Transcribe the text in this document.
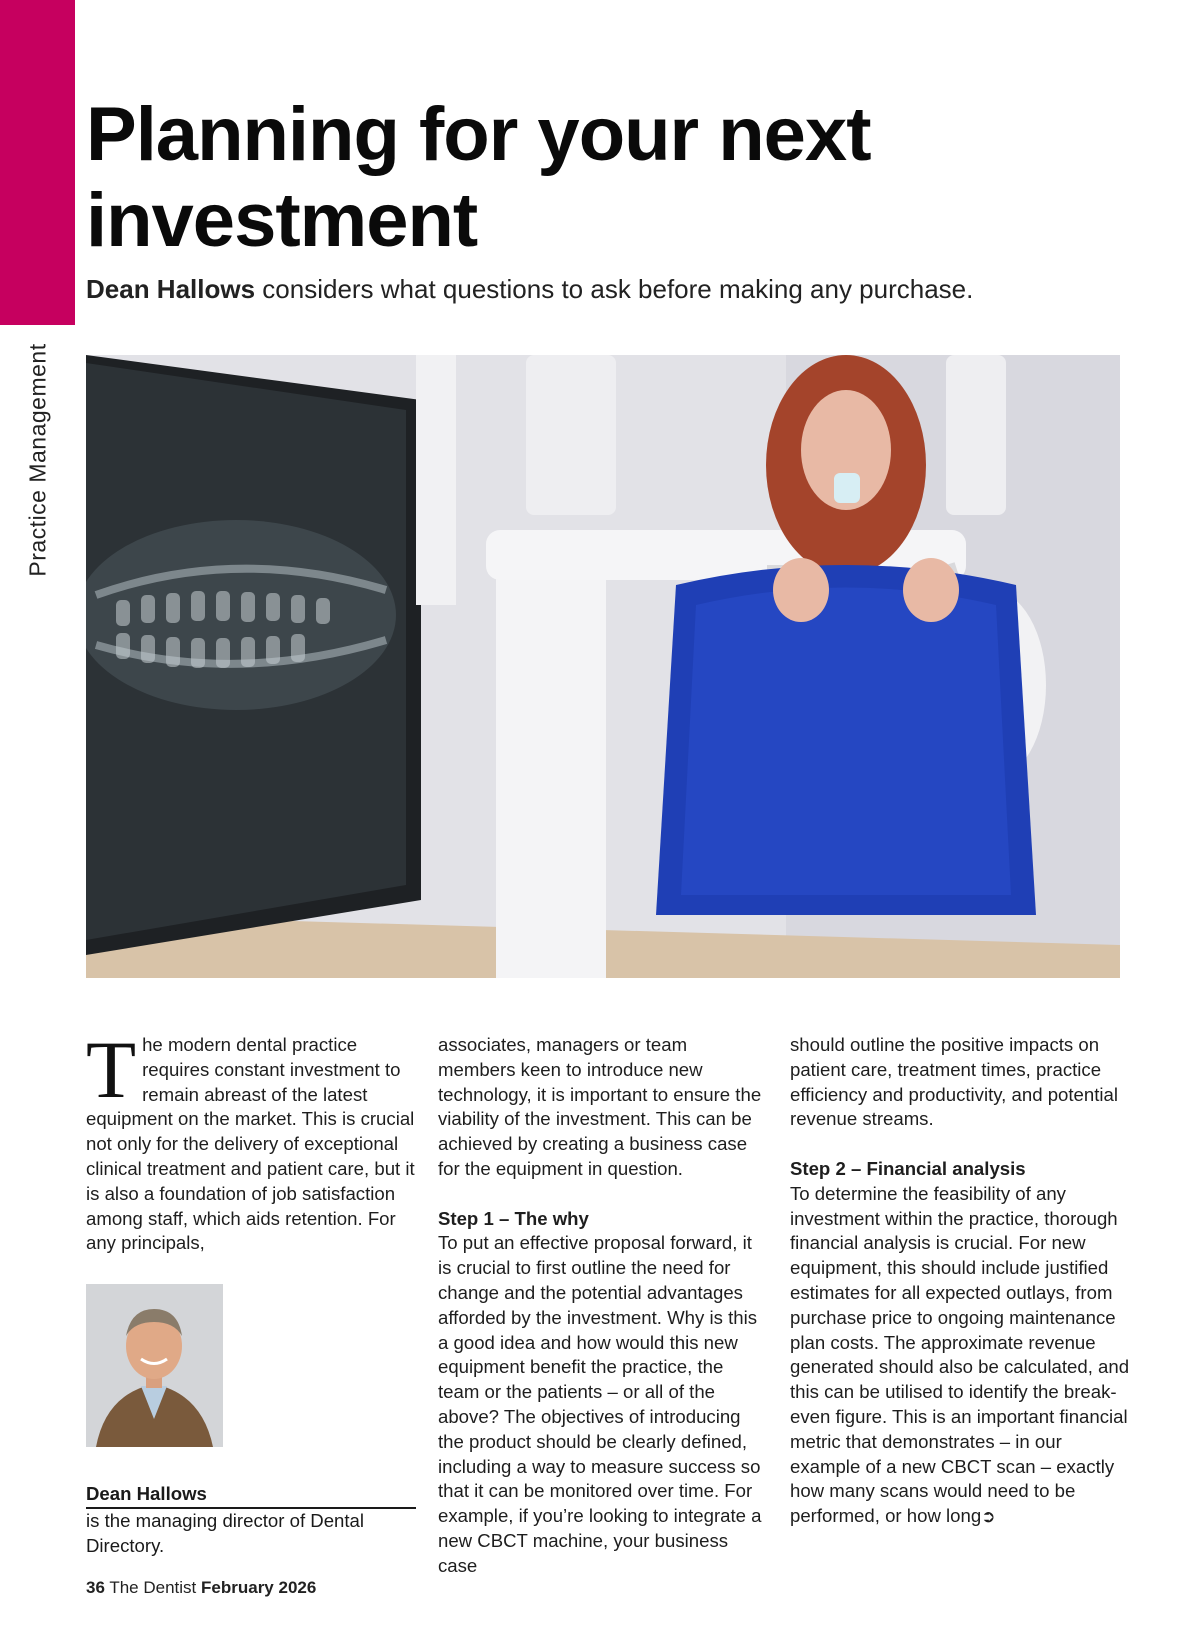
Practice Management
Planning for your next investment

Dean Hallows considers what questions to ask before making any purchase.

T he modern dental practice requires constant investment to remain abreast of the latest equipment on the market. This is crucial not only for the delivery of exceptional clinical treatment and patient care, but it is also a foundation of job satisfaction among staff, which aids retention. For any principals,

Dean Hallows
is the managing director of Dental Directory.

associates, managers or team members keen to introduce new technology, it is important to ensure the viability of the investment. This can be achieved by creating a business case for the equipment in question.

Step 1 – The why

To put an effective proposal forward, it is crucial to first outline the need for change and the potential advantages afforded by the investment. Why is this a good idea and how would this new equipment benefit the practice, the team or the patients – or all of the above? The objectives of introducing the product should be clearly defined, including a way to measure success so that it can be monitored over time. For example, if you’re looking to integrate a new CBCT machine, your business case

should outline the positive impacts on patient care, treatment times, practice efficiency and productivity, and potential revenue streams.

Step 2 – Financial analysis

To determine the feasibility of any investment within the practice, thorough financial analysis is crucial. For new equipment, this should include justified estimates for all expected outlays, from purchase price to ongoing maintenance plan costs. The approximate revenue generated should also be calculated, and this can be utilised to identify the break-even figure. This is an important financial metric that demonstrates – in our example of a new CBCT scan – exactly how many scans would need to be performed, or how long➲

36 The Dentist February 2026
